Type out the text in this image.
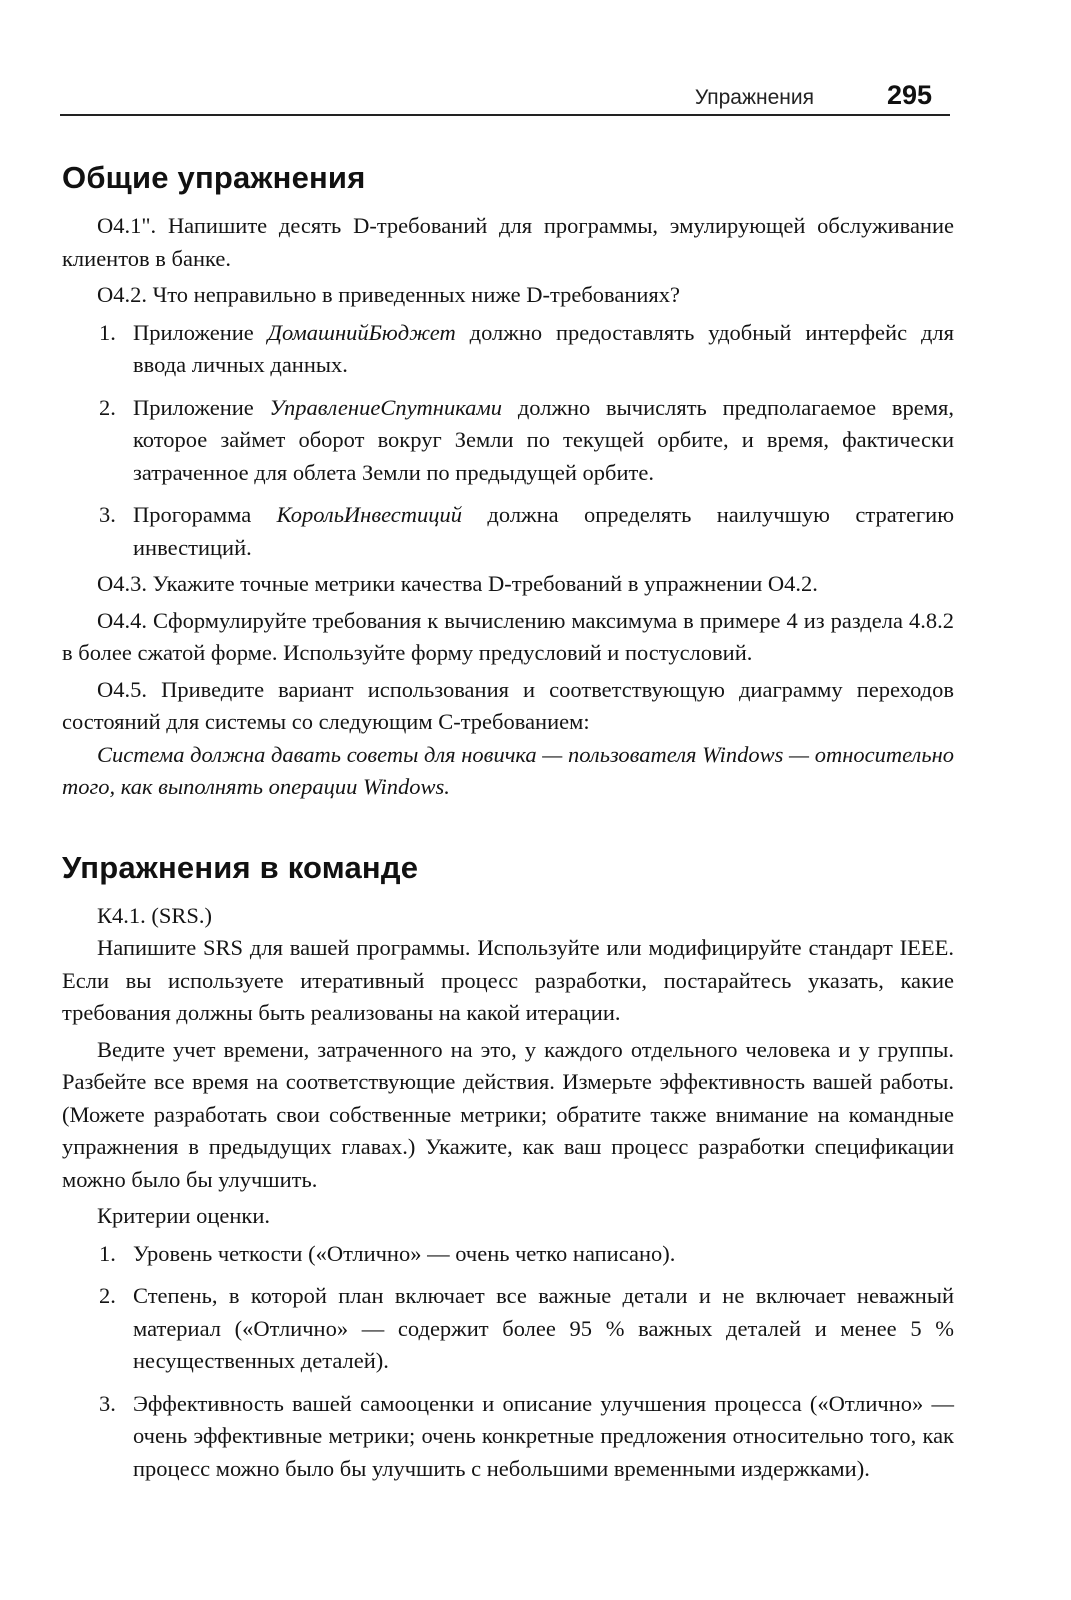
Упражнения	295
Общие упражнения

О4.1". Напишите десять D-требований для программы, эмулирующей обслуживание клиентов в банке.

О4.2. Что неправильно в приведенных ниже D-требованиях?

1. Приложение ДомашнийБюджет должно предоставлять удобный интерфейс для ввода личных данных.
2. Приложение УправлениеСпутниками должно вычислять предполагаемое время, которое займет оборот вокруг Земли по текущей орбите, и время, фактически затраченное для облета Земли по предыдущей орбите.
3. Прогорамма КорольИнвестиций должна определять наилучшую стратегию инвестиций.

О4.3. Укажите точные метрики качества D-требований в упражнении О4.2.

О4.4. Сформулируйте требования к вычислению максимума в примере 4 из раздела 4.8.2 в более сжатой форме. Используйте форму предусловий и постусловий.

О4.5. Приведите вариант использования и соответствующую диаграмму переходов состояний для системы со следующим С-требованием:

Система должна давать советы для новичка — пользователя Windows — относительно того, как выполнять операции Windows.

Упражнения в команде

К4.1. (SRS.)

Напишите SRS для вашей программы. Используйте или модифицируйте стандарт IEEE. Если вы используете итеративный процесс разработки, постарайтесь указать, какие требования должны быть реализованы на какой итерации.

Ведите учет времени, затраченного на это, у каждого отдельного человека и у группы. Разбейте все время на соответствующие действия. Измерьте эффективность вашей работы. (Можете разработать свои собственные метрики; обратите также внимание на командные упражнения в предыдущих главах.) Укажите, как ваш процесс разработки спецификации можно было бы улучшить.

Критерии оценки.

1. Уровень четкости («Отлично» — очень четко написано).
2. Степень, в которой план включает все важные детали и не включает неважный материал («Отлично» — содержит более 95 % важных деталей и менее 5 % несущественных деталей).
3. Эффективность вашей самооценки и описание улучшения процесса («Отлично» — очень эффективные метрики; очень конкретные предложения относительно того, как процесс можно было бы улучшить с небольшими временными издержками).
